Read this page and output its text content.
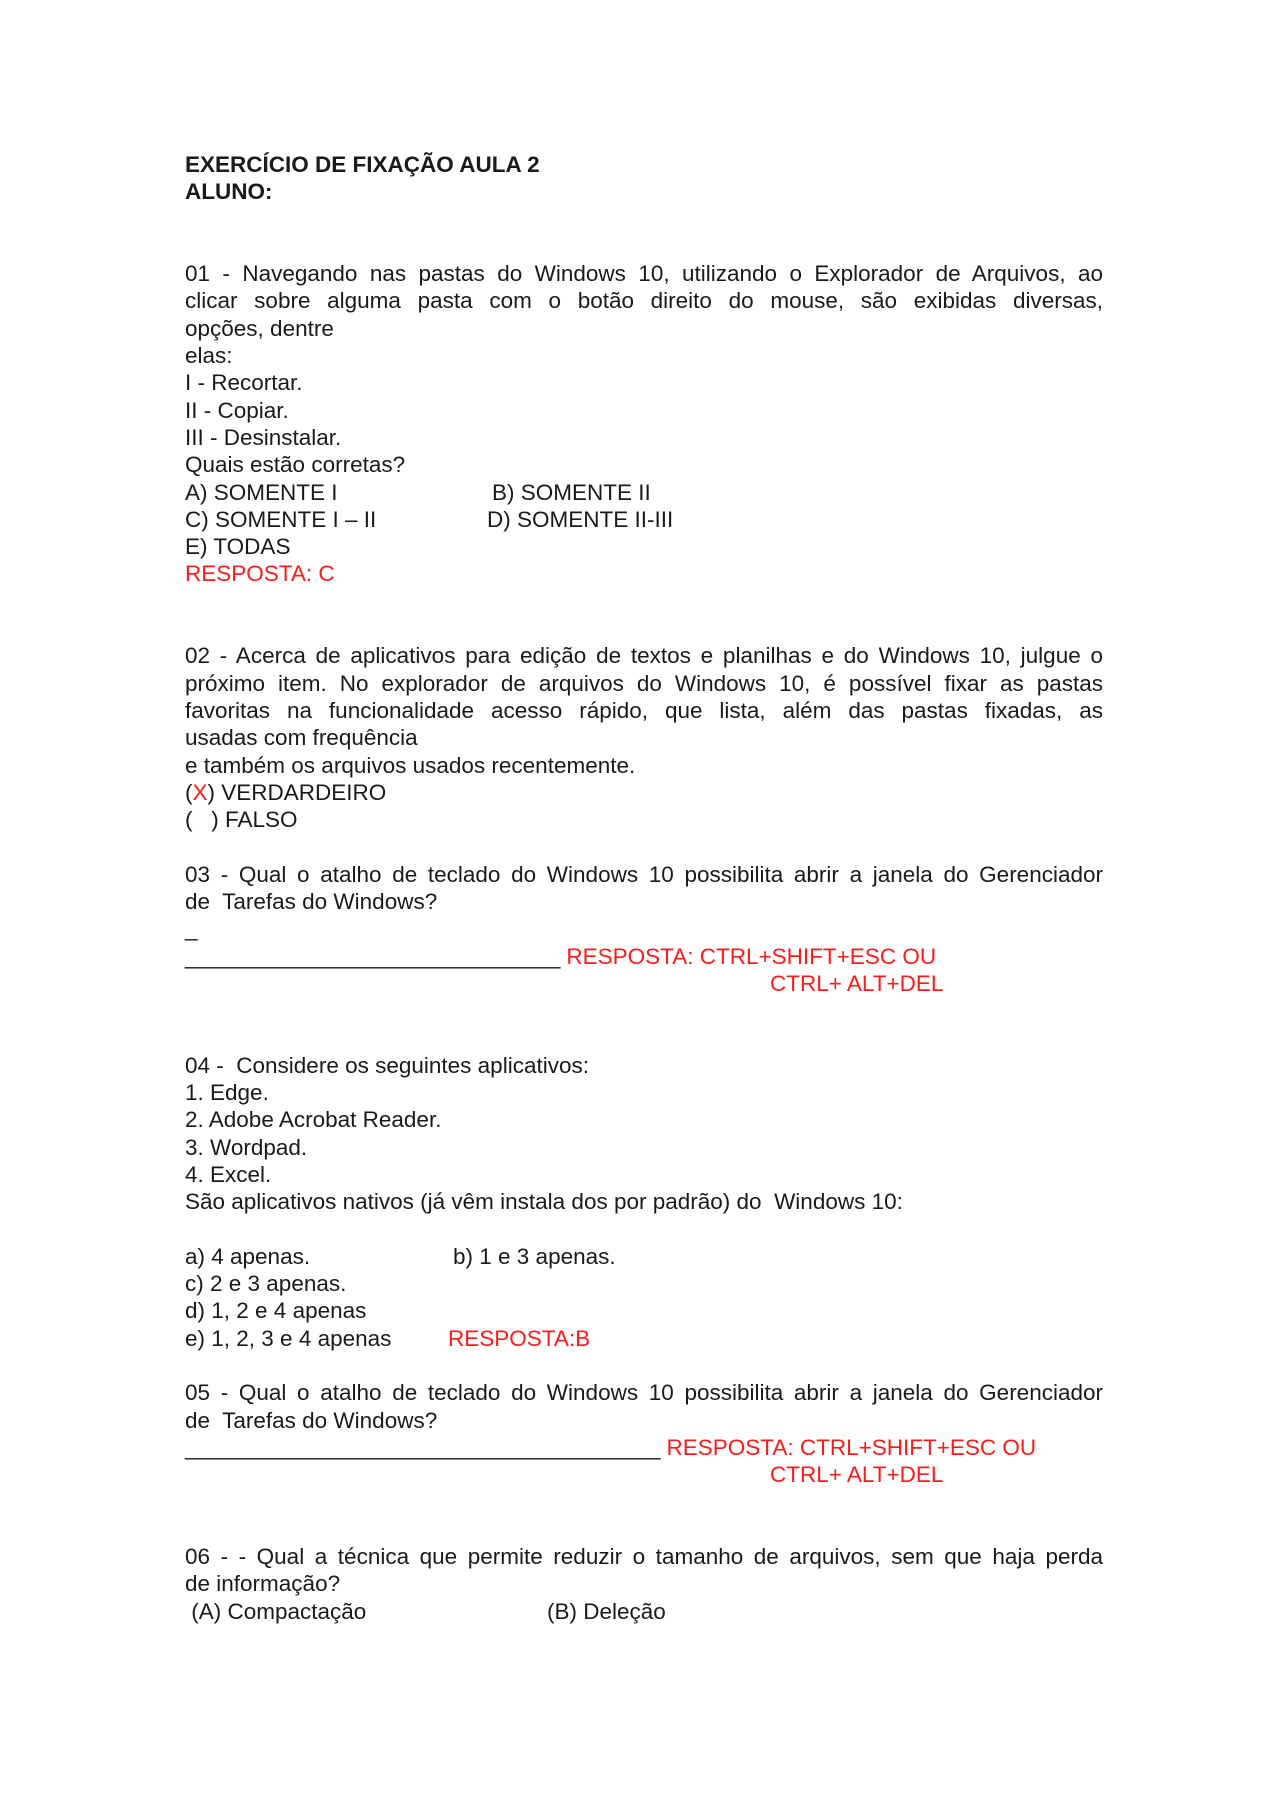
EXERCÍCIO DE FIXAÇÃO AULA 2
ALUNO:
01 - Navegando nas pastas do Windows 10, utilizando o Explorador de Arquivos, ao
clicar sobre alguma pasta com o botão direito do mouse, são exibidas diversas,
opções, dentre
elas:
I - Recortar.
II - Copiar.
III - Desinstalar.
Quais estão corretas?
A) SOMENTE I	B) SOMENTE II
C) SOMENTE I – II	D) SOMENTE II-III
E) TODAS
RESPOSTA: C
02 - Acerca de aplicativos para edição de textos e planilhas e do Windows 10, julgue o
próximo item. No explorador de arquivos do Windows 10, é possível fixar as pastas
favoritas na funcionalidade acesso rápido, que lista, além das pastas fixadas, as
usadas com frequência
e também os arquivos usados recentemente.
(X) VERDARDEIRO
(   ) FALSO
03 - Qual o atalho de teclado do Windows 10 possibilita abrir a janela do Gerenciador
de  Tarefas do Windows?
_
______________________________ RESPOSTA: CTRL+SHIFT+ESC OU
CTRL+ ALT+DEL
04 -  Considere os seguintes aplicativos:
1. Edge.
2. Adobe Acrobat Reader.
3. Wordpad.
4. Excel.
São aplicativos nativos (já vêm instala dos por padrão) do  Windows 10:
a) 4 apenas.	b) 1 e 3 apenas.
c) 2 e 3 apenas.
d) 1, 2 e 4 apenas
e) 1, 2, 3 e 4 apenas	RESPOSTA:B
05 - Qual o atalho de teclado do Windows 10 possibilita abrir a janela do Gerenciador
de  Tarefas do Windows?
______________________________________ RESPOSTA: CTRL+SHIFT+ESC OU
CTRL+ ALT+DEL
06 - - Qual a técnica que permite reduzir o tamanho de arquivos, sem que haja perda
de informação?
(A) Compactação	(B) Deleção
